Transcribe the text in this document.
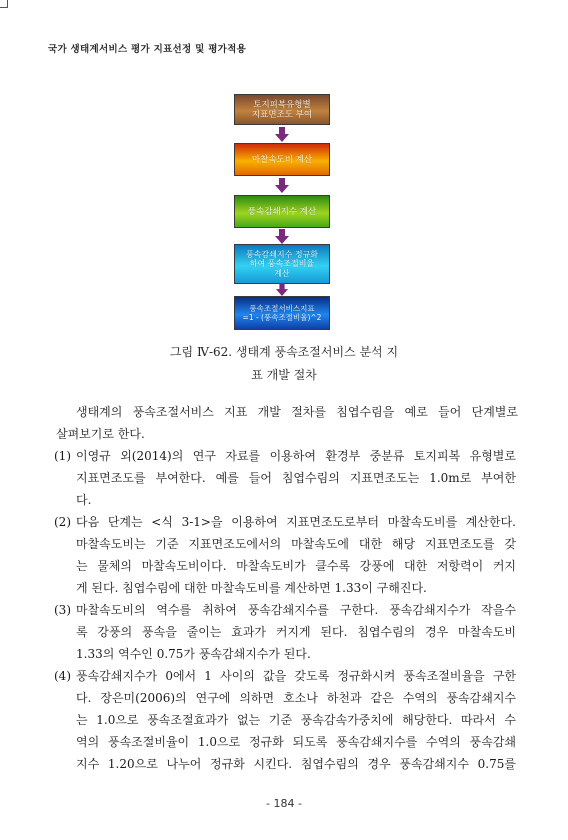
국가 생태계서비스 평가 지표선정 및 평가적용
토지피복유형별
지표면조도 부여
마찰속도비 계산
풍속감쇄지수 계산
풍속감쇄지수 정규화
하여 풍속조절비율
계산
풍속조절서비스지표
=1 - (풍속조절비율)^2
그림 Ⅳ-62. 생태계 풍속조절서비스 분석 지
표 개발 절차
생태계의 풍속조절서비스 지표 개발 절차를 침엽수림을 예로 들어 단계별로
살펴보기로 한다.
(1) 이영규 외(2014)의 연구 자료를 이용하여 환경부 중분류 토지피복 유형별로
지표면조도를 부여한다. 예를 들어 침엽수림의 지표면조도는 1.0m로 부여한
다.
(2) 다음 단계는 <식 3-1>을 이용하여 지표면조도로부터 마찰속도비를 계산한다.
마찰속도비는 기준 지표면조도에서의 마찰속도에 대한 해당 지표면조도를 갖
는 물체의 마찰속도비이다. 마찰속도비가 클수록 강풍에 대한 저항력이 커지
게 된다. 침엽수림에 대한 마찰속도비를 계산하면 1.33이 구해진다.
(3) 마찰속도비의 역수를 취하여 풍속감쇄지수를 구한다. 풍속감쇄지수가 작을수
록 강풍의 풍속을 줄이는 효과가 커지게 된다. 침엽수림의 경우 마찰속도비
1.33의 역수인 0.75가 풍속감쇄지수가 된다.
(4) 풍속감쇄지수가 0에서 1 사이의 값을 갖도록 정규화시켜 풍속조절비율을 구한
다. 장은미(2006)의 연구에 의하면 호소나 하천과 같은 수역의 풍속감쇄지수
는 1.0으로 풍속조절효과가 없는 기준 풍속감속가중치에 해당한다. 따라서 수
역의 풍속조절비율이 1.0으로 정규화 되도록 풍속감쇄지수를 수역의 풍속감쇄
지수 1.20으로 나누어 정규화 시킨다. 침엽수림의 경우 풍속감쇄지수 0.75를
- 184 -
